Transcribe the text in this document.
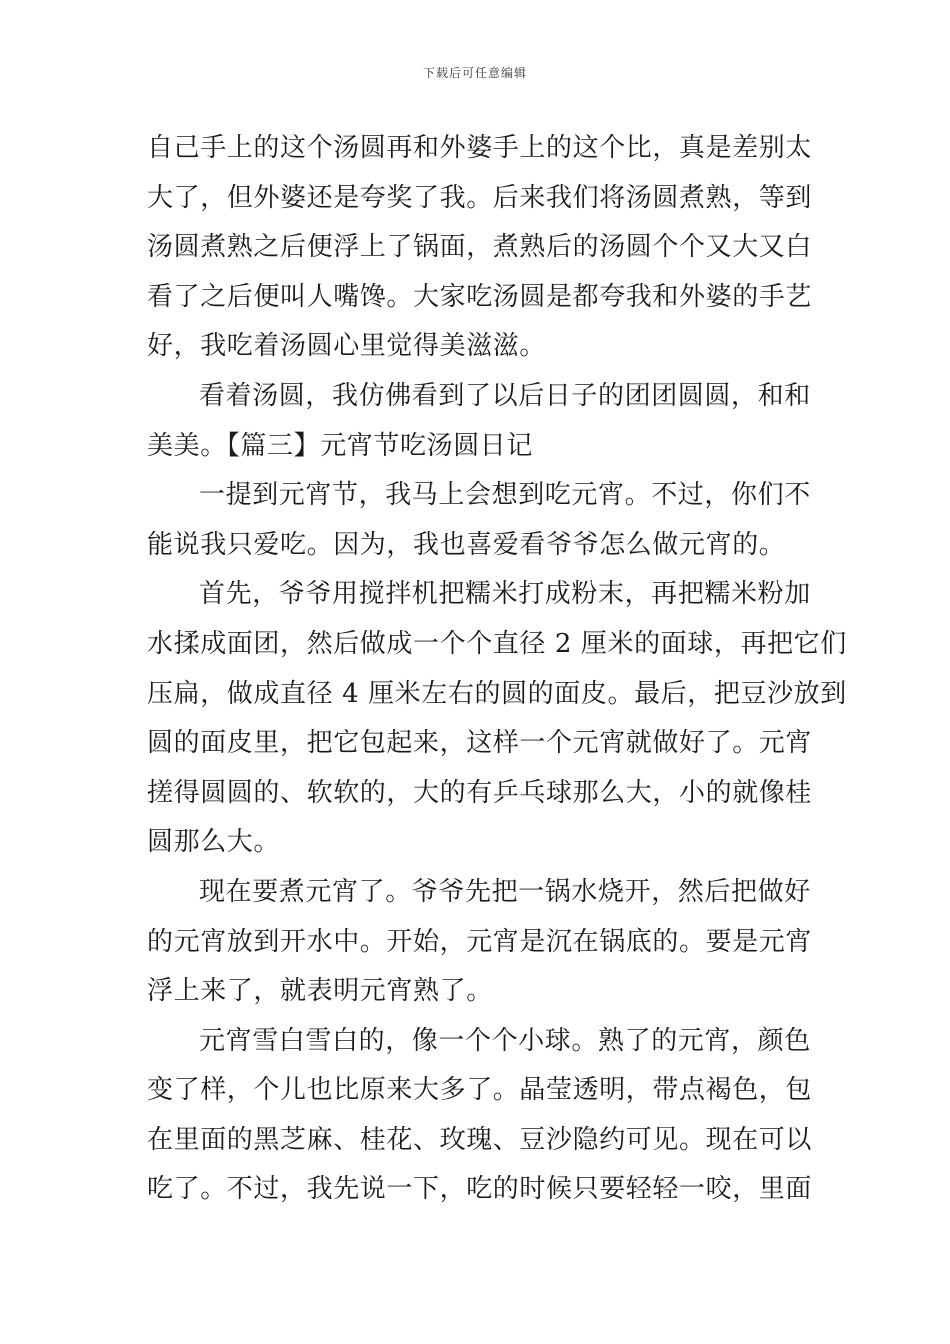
下载后可任意编辑
自己手上的这个汤圆再和外婆手上的这个比，真是差别太
大了，但外婆还是夸奖了我。后来我们将汤圆煮熟，等到
汤圆煮熟之后便浮上了锅面，煮熟后的汤圆个个又大又白
看了之后便叫人嘴馋。大家吃汤圆是都夸我和外婆的手艺
好，我吃着汤圆心里觉得美滋滋。
看着汤圆，我仿佛看到了以后日子的团团圆圆，和和
美美。【篇三】元宵节吃汤圆日记
一提到元宵节，我马上会想到吃元宵。不过，你们不
能说我只爱吃。因为，我也喜爱看爷爷怎么做元宵的。
首先，爷爷用搅拌机把糯米打成粉末，再把糯米粉加
水揉成面团，然后做成一个个直径 2 厘米的面球，再把它们
压扁，做成直径 4 厘米左右的圆的面皮。最后，把豆沙放到
圆的面皮里，把它包起来，这样一个元宵就做好了。元宵
搓得圆圆的、软软的，大的有乒乓球那么大，小的就像桂
圆那么大。
现在要煮元宵了。爷爷先把一锅水烧开，然后把做好
的元宵放到开水中。开始，元宵是沉在锅底的。要是元宵
浮上来了，就表明元宵熟了。
元宵雪白雪白的，像一个个小球。熟了的元宵，颜色
变了样，个儿也比原来大多了。晶莹透明，带点褐色，包
在里面的黑芝麻、桂花、玫瑰、豆沙隐约可见。现在可以
吃了。不过，我先说一下，吃的时候只要轻轻一咬，里面
